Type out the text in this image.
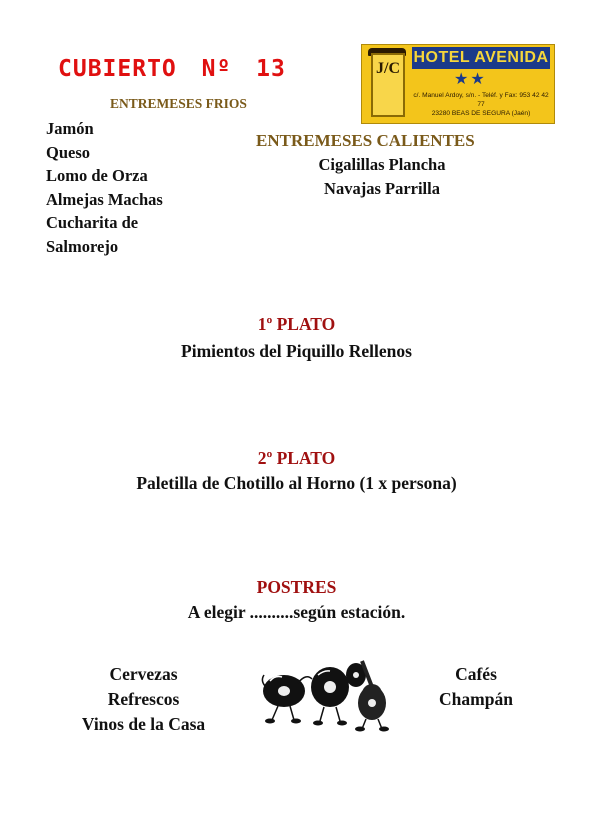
CUBIERTO Nº 13	J/C
HOTEL AVENIDA
★★
c/. Manuel Ardoy, s/n. - Teléf. y Fax: 953 42 42 77
23280 BEAS DE SEGURA (Jaén)
ENTREMESES FRIOS
Jamón
Queso
Lomo de Orza
Almejas Machas
Cucharita de
Salmorejo
ENTREMESES CALIENTES
Cigalillas Plancha
Navajas Parrilla
1º PLATO
Pimientos del Piquillo Rellenos
2º PLATO
Paletilla de Chotillo al Horno (1 x persona)
POSTRES
A elegir ..........según estación.
Cervezas
Refrescos
Vinos de la Casa
Cafés
Champán
